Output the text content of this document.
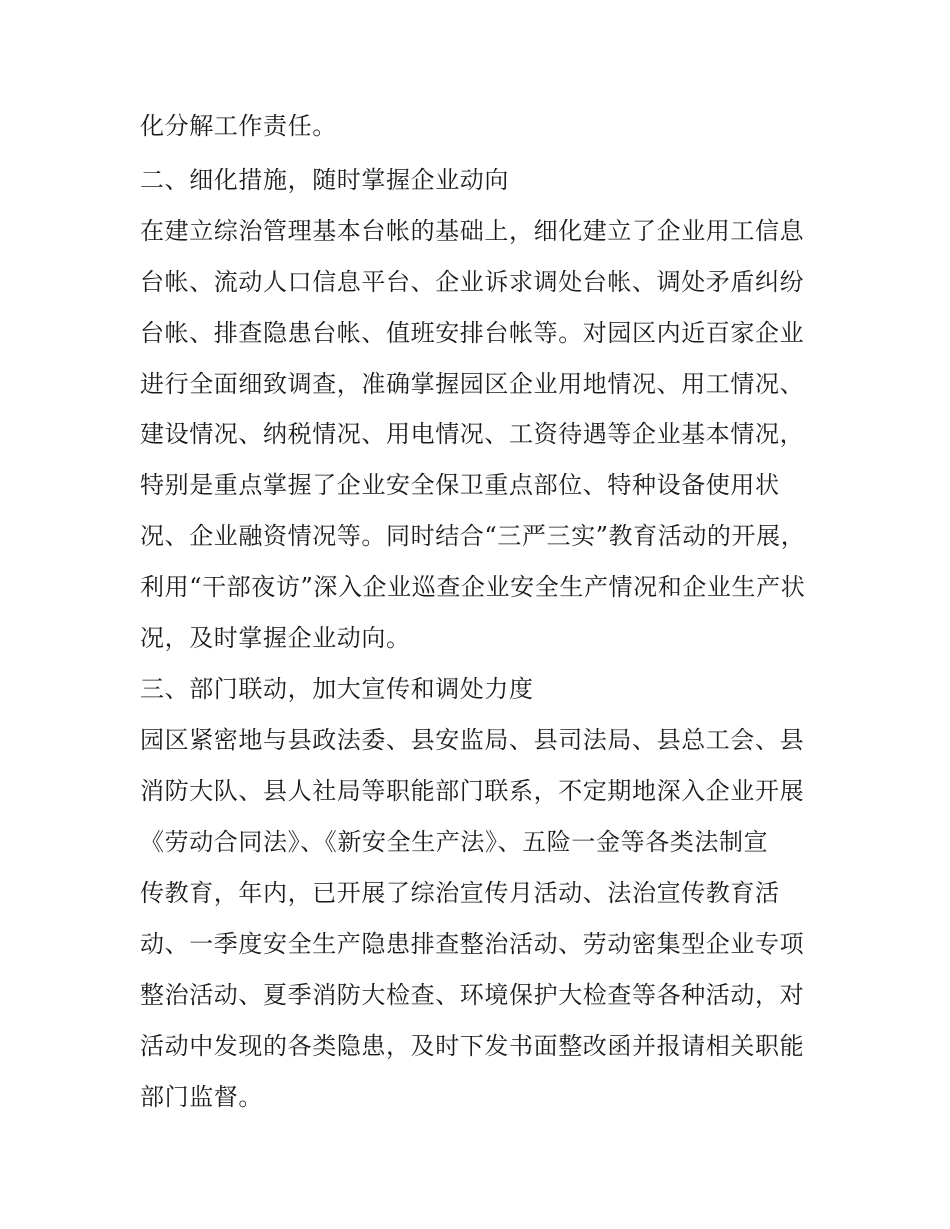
化分解工作责任。
二、细化措施，随时掌握企业动向
在建立综治管理基本台帐的基础上，细化建立了企业用工信息
台帐、流动人口信息平台、企业诉求调处台帐、调处矛盾纠纷
台帐、排查隐患台帐、值班安排台帐等。对园区内近百家企业
进行全面细致调查，准确掌握园区企业用地情况、用工情况、
建设情况、纳税情况、用电情况、工资待遇等企业基本情况，
特别是重点掌握了企业安全保卫重点部位、特种设备使用状
况、企业融资情况等。同时结合“三严三实”教育活动的开展，
利用“干部夜访”深入企业巡查企业安全生产情况和企业生产状
况，及时掌握企业动向。
三、部门联动，加大宣传和调处力度
园区紧密地与县政法委、县安监局、县司法局、县总工会、县
消防大队、县人社局等职能部门联系，不定期地深入企业开展
《劳动合同法》、《新安全生产法》、五险一金等各类法制宣
传教育，年内，已开展了综治宣传月活动、法治宣传教育活
动、一季度安全生产隐患排查整治活动、劳动密集型企业专项
整治活动、夏季消防大检查、环境保护大检查等各种活动，对
活动中发现的各类隐患，及时下发书面整改函并报请相关职能
部门监督。
